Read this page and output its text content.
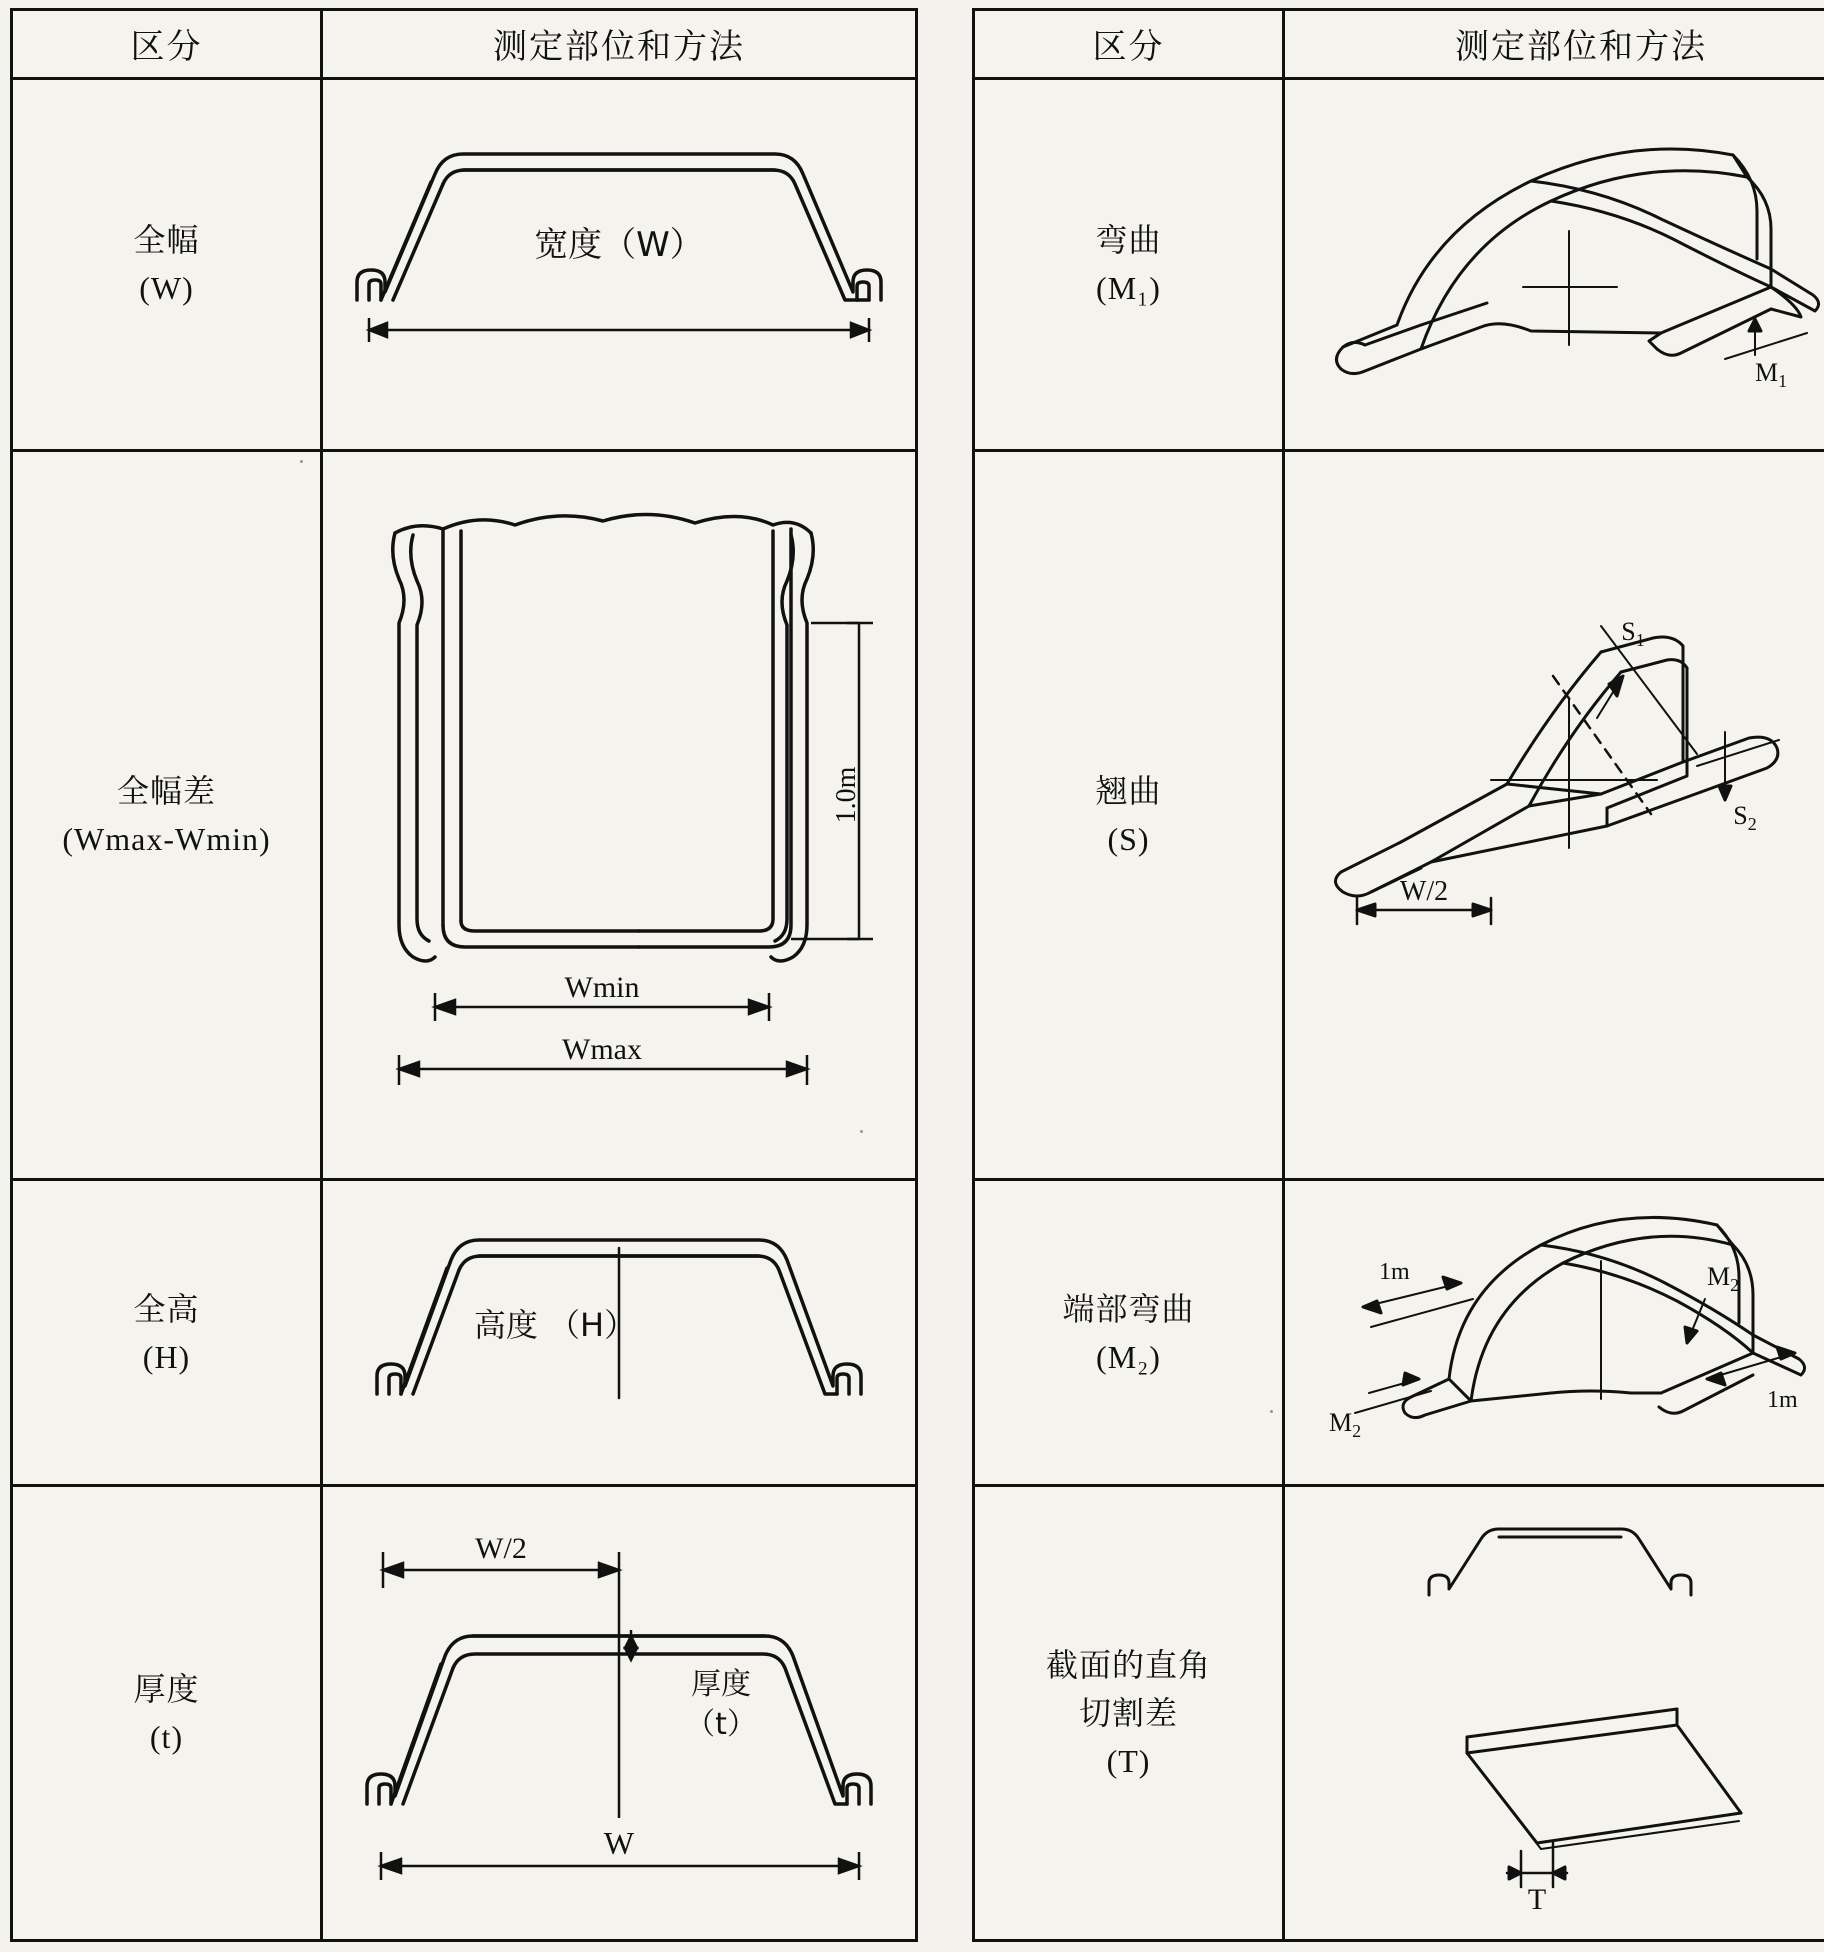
区分	测定部位和方法
全幅
(W)	宽度（W）

全幅差
(Wmax-Wmin)	1.0m
Wmin
Wmax

全高
(H)	高度 （H）

厚度
(t)	W/2
厚度
（t）
W
区分	测定部位和方法
弯曲
(M₁)	$M_1$

翘曲
(S)	$S_1$
$S_2$
W/2

端部弯曲
(M₂)	1m
$M_2$
$M_2$
1m

截面的直角
切割差
(T)	T
